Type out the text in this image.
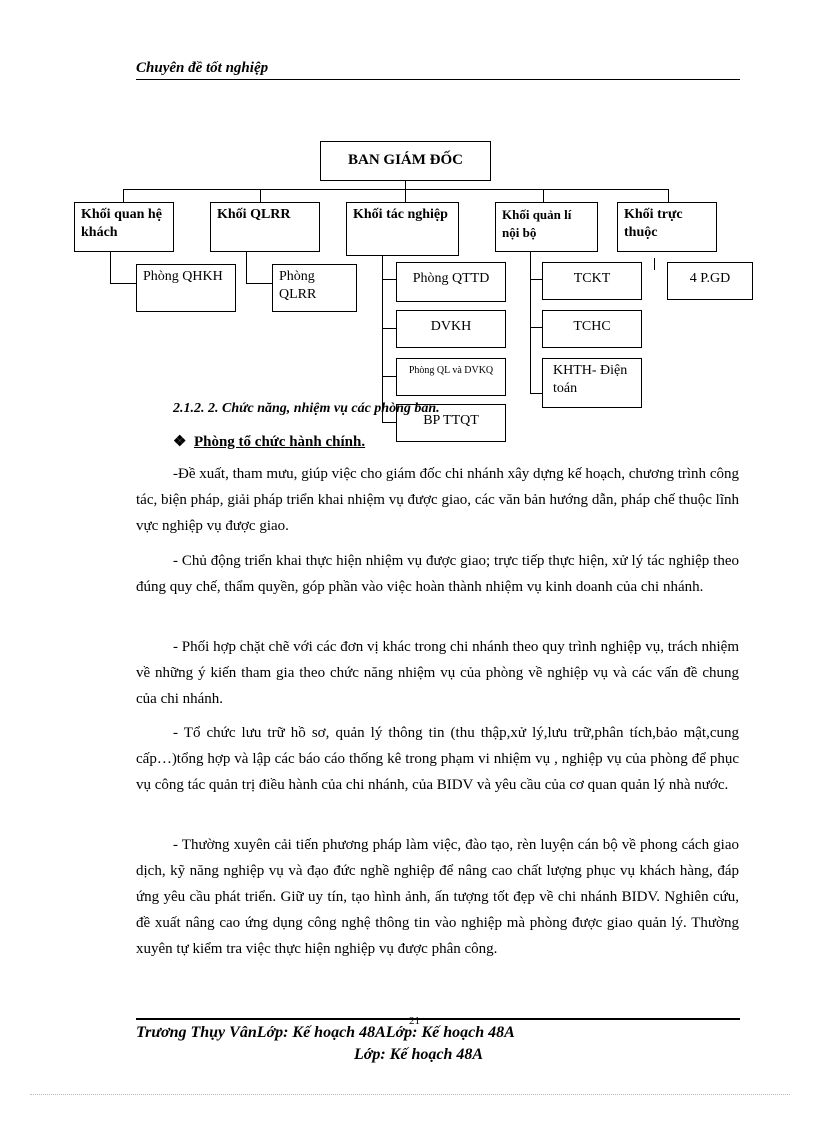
Chuyên đề tốt nghiệp
BAN GIÁM ĐỐC
Khối quan hệ khách
Khối QLRR	Khối tác nghiệp	Khối quản lí nội bộ
Khối trực thuộc
Phòng QHKH	Phòng QLRR
Phòng QTTD
DVKH
Phòng QL và DVKQ
BP TTQT
TCKT
TCHC
KHTH- Điện toán
4 P.GD
2.1.2. 2. Chức năng, nhiệm vụ các phòng ban.
❖ Phòng tổ chức hành chính.

-Đề xuất, tham mưu, giúp việc cho giám đốc chi nhánh xây dựng kế hoạch, chương trình công tác, biện pháp, giải pháp triển khai nhiệm vụ được giao, các văn bản hướng dẫn, pháp chế thuộc lĩnh vực nghiệp vụ được giao.

- Chủ động triển khai thực hiện nhiệm vụ được giao; trực tiếp thực hiện, xử lý tác nghiệp theo đúng quy chế, thẩm quyền, góp phần vào việc hoàn thành nhiệm vụ kinh doanh của chi nhánh.

- Phối hợp chặt chẽ với các đơn vị khác trong chi nhánh theo quy trình nghiệp vụ, trách nhiệm về những ý kiến tham gia theo chức năng nhiệm vụ của phòng về nghiệp vụ và các vấn đề chung của chi nhánh.

- Tổ chức lưu trữ hồ sơ, quản lý thông tin (thu thập,xử lý,lưu trữ,phân tích,bảo mật,cung cấp…)tổng hợp và lập các báo cáo thống kê trong phạm vi nhiệm vụ , nghiệp vụ của phòng để phục vụ công tác quản trị điều hành của chi nhánh, của BIDV và yêu cầu của cơ quan quản lý nhà nước.

- Thường xuyên cải tiến phương pháp làm việc, đào tạo, rèn luyện cán bộ về phong cách giao dịch, kỹ năng nghiệp vụ và đạo đức nghề nghiệp để nâng cao chất lượng phục vụ khách hàng, đáp ứng yêu cầu phát triển. Giữ uy tín, tạo hình ảnh, ấn tượng tốt đẹp về chi nhánh BIDV. Nghiên cứu, đề xuất nâng cao ứng dụng công nghệ thông tin vào nghiệp mà phòng được giao quản lý. Thường xuyên tự kiểm tra việc thực hiện nghiệp vụ được phân công.

21
Trương Thụy VânLớp: Kế hoạch 48ALớp: Kế hoạch 48A
Lớp: Kế hoạch 48A
